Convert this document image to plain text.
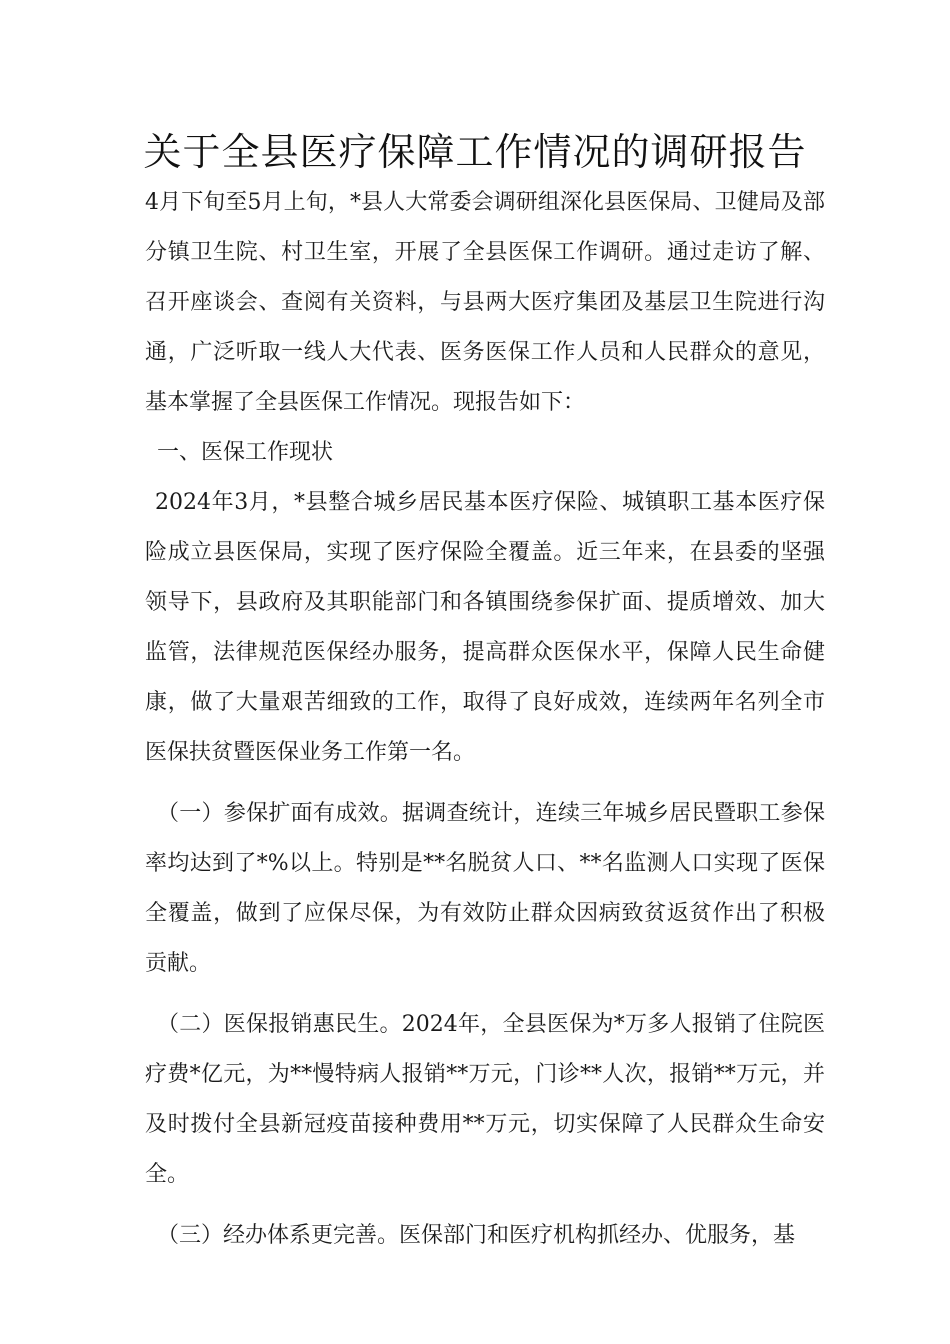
关于全县医疗保障工作情况的调研报告

4月下旬至5月上旬，*县人大常委会调研组深化县医保局、卫健局及部分镇卫生院、村卫生室，开展了全县医保工作调研。通过走访了解、召开座谈会、查阅有关资料，与县两大医疗集团及基层卫生院进行沟通，广泛听取一线人大代表、医务医保工作人员和人民群众的意见，基本掌握了全县医保工作情况。现报告如下：

一、医保工作现状

2024年3月，*县整合城乡居民基本医疗保险、城镇职工基本医疗保险成立县医保局，实现了医疗保险全覆盖。近三年来，在县委的坚强领导下，县政府及其职能部门和各镇围绕参保扩面、提质增效、加大监管，法律规范医保经办服务，提高群众医保水平，保障人民生命健康，做了大量艰苦细致的工作，取得了良好成效，连续两年名列全市医保扶贫暨医保业务工作第一名。

（一）参保扩面有成效。据调查统计，连续三年城乡居民暨职工参保率均达到了*%以上。特别是**名脱贫人口、**名监测人口实现了医保全覆盖，做到了应保尽保，为有效防止群众因病致贫返贫作出了积极贡献。

（二）医保报销惠民生。2024年，全县医保为*万多人报销了住院医疗费*亿元，为**慢特病人报销**万元，门诊**人次，报销**万元，并及时拨付全县新冠疫苗接种费用**万元，切实保障了人民群众生命安全。

（三）经办体系更完善。医保部门和医疗机构抓经办、优服务，基
